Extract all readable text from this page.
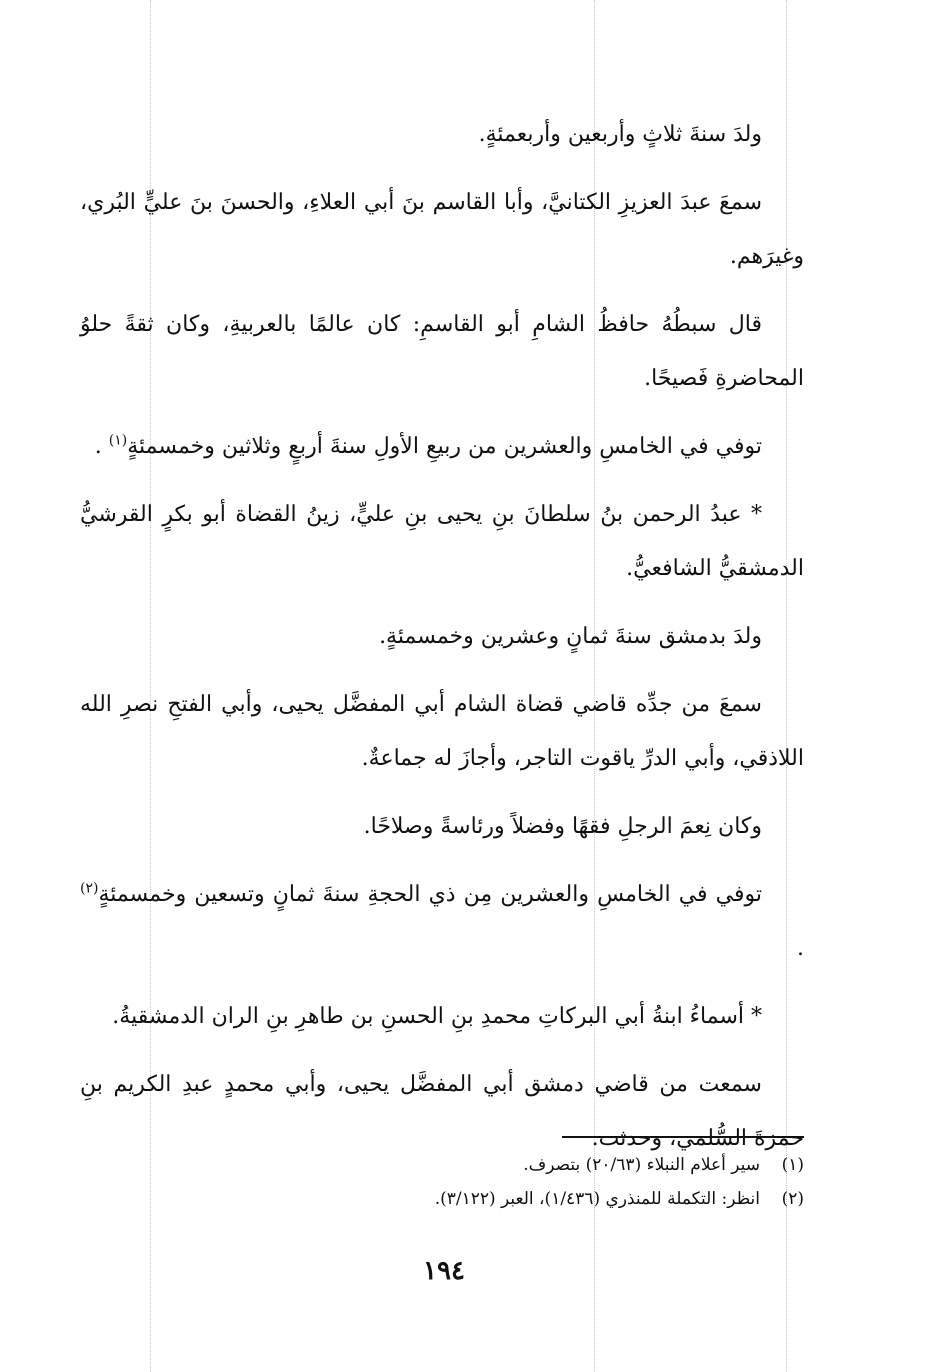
ولدَ سنةَ ثلاثٍ وأربعين وأربعمئةٍ.

سمعَ عبدَ العزيزِ الكتانيَّ، وأبا القاسم بنَ أبي العلاءِ، والحسنَ بنَ عليٍّ البُري، وغيرَهم.

قال سبطُهُ حافظُ الشامِ أبو القاسمِ: كان عالمًا بالعربيةِ، وكان ثقةً حلوُ المحاضرةِ فَصيحًا.

توفي في الخامسِ والعشرين من ربيعِ الأولِ سنةَ أربعٍ وثلاثين وخمسمئةٍ$^{(١)}$ .

* عبدُ الرحمن بنُ سلطانَ بنِ يحيى بنِ عليٍّ، زينُ القضاة أبو بكرٍ القرشيُّ الدمشقيُّ الشافعيُّ.

ولدَ بدمشق سنةَ ثمانٍ وعشرين وخمسمئةٍ.

سمعَ من جدِّه قاضي قضاة الشام أبي المفضَّل يحيى، وأبي الفتحِ نصرِ الله اللاذقي، وأبي الدرِّ ياقوت التاجر، وأجازَ له جماعةٌ.

وكان نِعمَ الرجلِ فقهًا وفضلاً ورئاسةً وصلاحًا.

توفي في الخامسِ والعشرين مِن ذي الحجةِ سنةَ ثمانٍ وتسعين وخمسمئةٍ$^{(٢)}$ .

* أسماءُ ابنةُ أبي البركاتِ محمدِ بنِ الحسنِ بن طاهرِ بنِ الران الدمشقيةُ.

سمعت من قاضي دمشق أبي المفضَّل يحيى، وأبي محمدٍ عبدِ الكريم بنِ حمزةَ السُّلمي، وحدثت.

(١)سير أعلام النبلاء (٢٠/٦٣) بتصرف.

(٢)انظر: التكملة للمنذري (١/٤٣٦)، العبر (٣/١٢٢).

١٩٤
